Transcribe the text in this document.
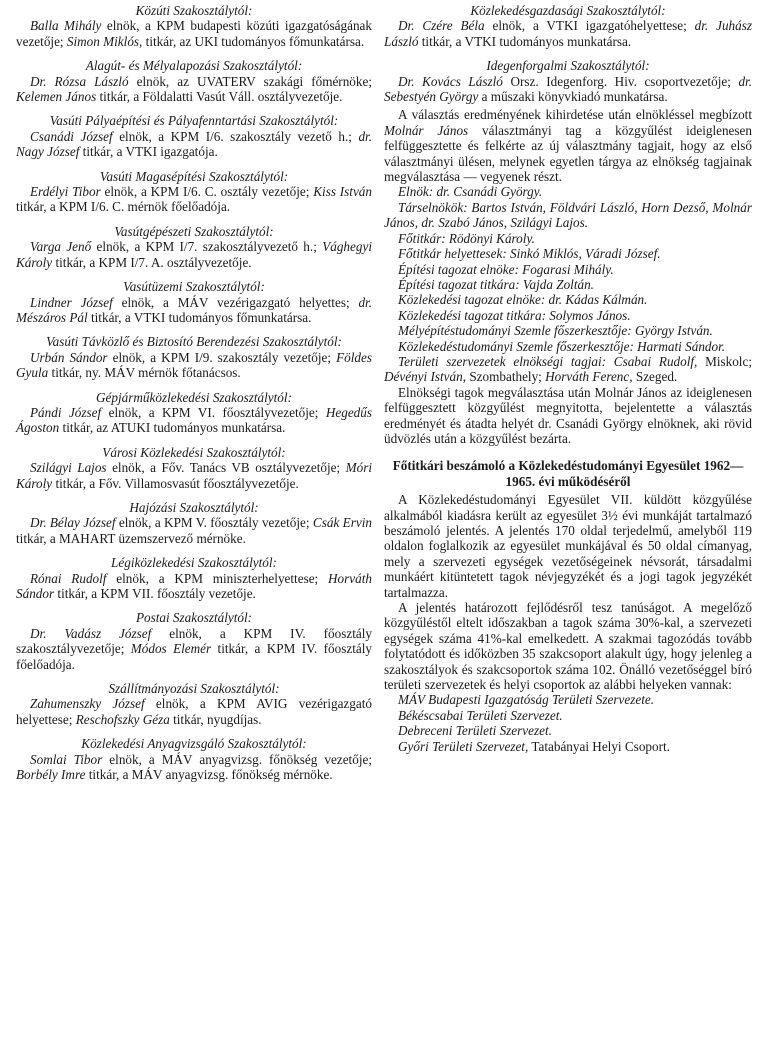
Közúti Szakosztálytól:

Balla Mihály elnök, a KPM budapesti közúti igazgatóságának vezetője; Simon Miklós, titkár, az UKI tudományos főmunkatársa.

Alagút- és Mélyalapozási Szakosztálytól:

Dr. Rózsa László elnök, az UVATERV szakági főmérnöke; Kelemen János titkár, a Földalatti Vasút Váll. osztályvezetője.

Vasúti Pályaépítési és Pályafenntartási Szakosztálytól:

Csanádi József elnök, a KPM I/6. szakosztály vezető h.; dr. Nagy József titkár, a VTKI igazgatója.

Vasúti Magasépítési Szakosztálytól:

Erdélyi Tibor elnök, a KPM I/6. C. osztály vezetője; Kiss István titkár, a KPM I/6. C. mérnök főelőadója.

Vasútgépészeti Szakosztálytól:

Varga Jenő elnök, a KPM I/7. szakosztályvezető h.; Vághegyi Károly titkár, a KPM I/7. A. osztályvezetője.

Vasútüzemi Szakosztálytól:

Lindner József elnök, a MÁV vezérigazgató helyettes; dr. Mészáros Pál titkár, a VTKI tudományos főmunkatársa.

Vasúti Távközlő és Biztosító Berendezési Szakosztálytól:

Urbán Sándor elnök, a KPM I/9. szakosztály vezetője; Földes Gyula titkár, ny. MÁV mérnök főtanácsos.

Gépjárműközlekedési Szakosztálytól:

Pándi József elnök, a KPM VI. főosztályvezetője; Hegedűs Ágoston titkár, az ATUKI tudományos munkatársa.

Városi Közlekedési Szakosztálytól:

Szilágyi Lajos elnök, a Főv. Tanács VB osztályvezetője; Móri Károly titkár, a Főv. Villamosvasút főosztályvezetője.

Hajózási Szakosztálytól:

Dr. Bélay József elnök, a KPM V. főosztály vezetője; Csák Ervin titkár, a MAHART üzemszervező mérnöke.

Légiközlekedési Szakosztálytól:

Rónai Rudolf elnök, a KPM miniszterhelyettese; Horváth Sándor titkár, a KPM VII. főosztály vezetője.

Postai Szakosztálytól:

Dr. Vadász József elnök, a KPM IV. főosztály szakosztályvezetője; Módos Elemér titkár, a KPM IV. főosztály főelőadója.

Szállítmányozási Szakosztálytól:

Zahumenszky József elnök, a KPM AVIG vezérigazgató helyettese; Reschofszky Géza titkár, nyugdíjas.

Közlekedési Anyagvizsgáló Szakosztálytól:

Somlai Tibor elnök, a MÁV anyagvizsg. főnökség vezetője; Borbély Imre titkár, a MÁV anyagvizsg. főnökség mérnöke.

Közlekedésgazdasági Szakosztálytól:

Dr. Czére Béla elnök, a VTKI igazgatóhelyettese; dr. Juhász László titkár, a VTKI tudományos munkatársa.

Idegenforgalmi Szakosztálytól:

Dr. Kovács László Orsz. Idegenforg. Hiv. csoportvezetője; dr. Sebestyén György a műszaki könyvkiadó munkatársa.

A választás eredményének kihirdetése után elnökléssel megbízott Molnár János választmányi tag a közgyűlést ideiglenesen felfüggesztette és felkérte az új választmány tagjait, hogy az első választmányi ülésen, melynek egyetlen tárgya az elnökség tagjainak megválasztása — vegyenek részt.

Elnök: dr. Csanádi György.

Társelnökök: Bartos István, Földvári László, Horn Dezső, Molnár János, dr. Szabó János, Szilágyi Lajos.

Főtitkár: Rödönyi Károly.

Főtitkár helyettesek: Sinkó Miklós, Váradi József.

Építési tagozat elnöke: Fogarasi Mihály.

Építési tagozat titkára: Vajda Zoltán.

Közlekedési tagozat elnöke: dr. Kádas Kálmán.

Közlekedési tagozat titkára: Solymos János.

Mélyépítéstudományi Szemle főszerkesztője: György István.

Közlekedéstudományi Szemle főszerkesztője: Harmati Sándor.

Területi szervezetek elnökségi tagjai: Csabai Rudolf, Miskolc; Dévényi István, Szombathely; Horváth Ferenc, Szeged.

Elnökségi tagok megválasztása után Molnár János az ideiglenesen felfüggesztett közgyűlést megnyitotta, bejelentette a választás eredményét és átadta helyét dr. Csanádi György elnöknek, aki rövid üdvözlés után a közgyűlést bezárta.

Főtitkári beszámoló a Közlekedéstudományi Egyesület 1962—1965. évi működéséről

A Közlekedéstudományi Egyesület VII. küldött közgyűlése alkalmából kiadásra került az egyesület 3½ évi munkáját tartalmazó beszámoló jelentés. A jelentés 170 oldal terjedelmű, amelyből 119 oldalon foglalkozik az egyesület munkájával és 50 oldal címanyag, mely a szervezeti egységek vezetőségeinek névsorát, társadalmi munkáért kitüntetett tagok névjegyzékét és a jogi tagok jegyzékét tartalmazza.

A jelentés határozott fejlődésről tesz tanúságot. A megelőző közgyűléstől eltelt időszakban a tagok száma 30%-kal, a szervezeti egységek száma 41%-kal emelkedett. A szakmai tagozódás tovább folytatódott és időközben 35 szakcsoport alakult úgy, hogy jelenleg a szakosztályok és szakcsoportok száma 102. Önálló vezetőséggel bíró területi szervezetek és helyi csoportok az alábbi helyeken vannak:

MÁV Budapesti Igazgatóság Területi Szervezete.

Békéscsabai Területi Szervezet.

Debreceni Területi Szervezet.

Győri Területi Szervezet, Tatabányai Helyi Csoport.
